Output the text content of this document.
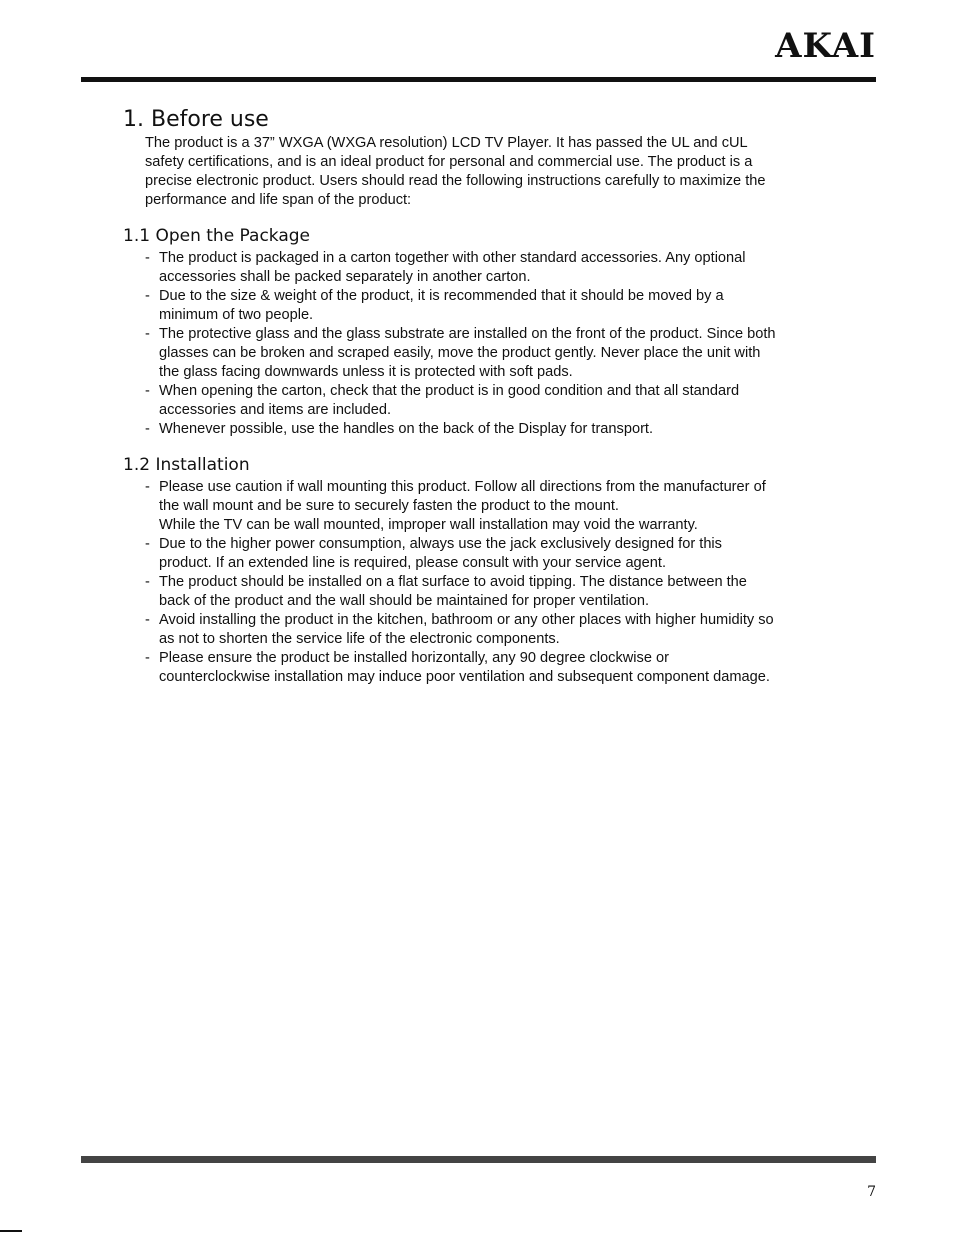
AKAI
1. Before use

The product is a 37” WXGA (WXGA resolution) LCD TV Player. It has passed the UL and cUL
safety certifications, and is an ideal product for personal and commercial use. The product is a
precise electronic product. Users should read the following instructions carefully to maximize the
performance and life span of the product:

1.1 Open the Package
- The product is packaged in a carton together with other standard accessories. Any optional
accessories shall be packed separately in another carton.
- Due to the size & weight of the product, it is recommended that it should be moved by a
minimum of two people.
- The protective glass and the glass substrate are installed on the front of the product. Since both
glasses can be broken and scraped easily, move the product gently. Never place the unit with
the glass facing downwards unless it is protected with soft pads.
- When opening the carton, check that the product is in good condition and that all standard
accessories and items are included.
- Whenever possible, use the handles on the back of the Display for transport.
1.2 Installation
- Please use caution if wall mounting this product. Follow all directions from the manufacturer of
the wall mount and be sure to securely fasten the product to the mount.
While the TV can be wall mounted, improper wall installation may void the warranty.
- Due to the higher power consumption, always use the jack exclusively designed for this
product. If an extended line is required, please consult with your service agent.
- The product should be installed on a flat surface to avoid tipping. The distance between the
back of the product and the wall should be maintained for proper ventilation.
- Avoid installing the product in the kitchen, bathroom or any other places with higher humidity so
as not to shorten the service life of the electronic components.
- Please ensure the product be installed horizontally, any 90 degree clockwise or
counterclockwise installation may induce poor ventilation and subsequent component damage.
7
